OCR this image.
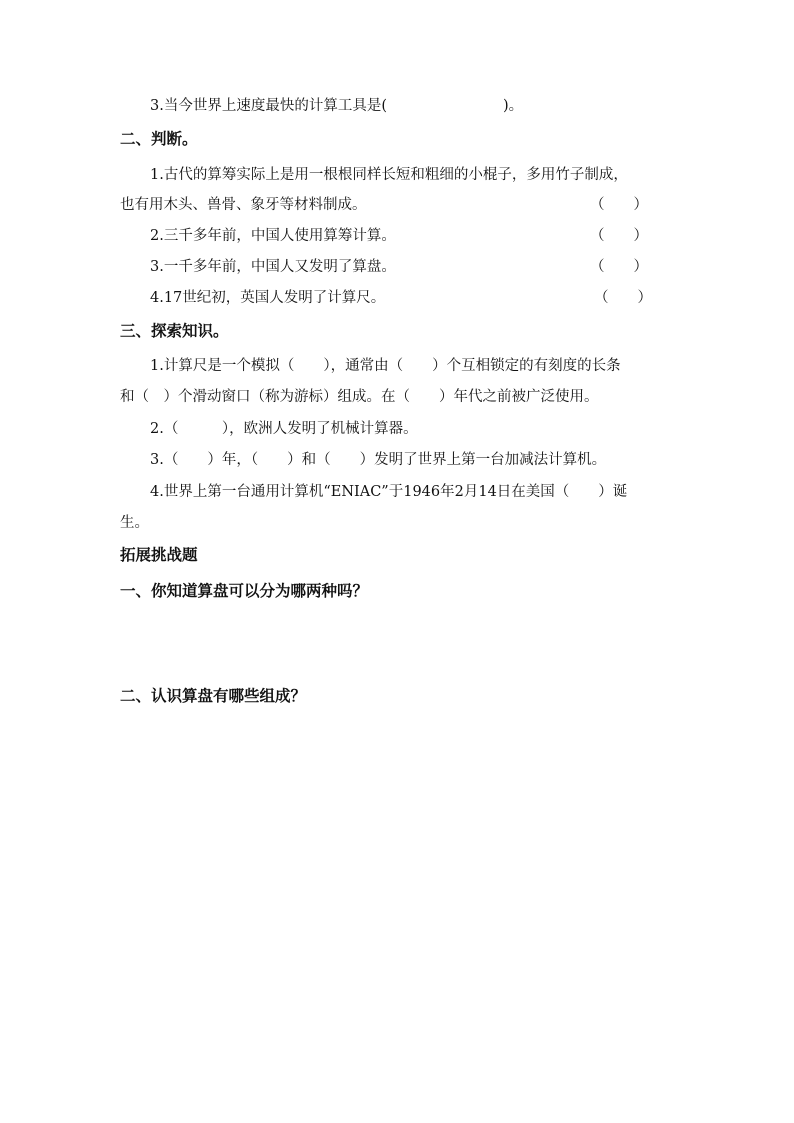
3.当今世界上速度最快的计算工具是(　　　　　　　　)。
二、判断。
1.古代的算筹实际上是用一根根同样长短和粗细的小棍子，多用竹子制成，
也有用木头、兽骨、象牙等材料制成。	（　　）
2.三千多年前，中国人使用算筹计算。	（　　）
3.一千多年前，中国人又发明了算盘。	（　　）
4.17世纪初，英国人发明了计算尺。	（　　）
三、探索知识。
1.计算尺是一个模拟（　　），通常由（　　）个互相锁定的有刻度的长条
和（　）个滑动窗口（称为游标）组成。在（　　）年代之前被广泛使用。
2.（　　　），欧洲人发明了机械计算器。
3.（　　）年，（　　）和（　　）发明了世界上第一台加减法计算机。
4.世界上第一台通用计算机“ENIAC”于1946年2月14日在美国（　　）诞
生。
拓展挑战题
一、你知道算盘可以分为哪两种吗？
二、认识算盘有哪些组成？
